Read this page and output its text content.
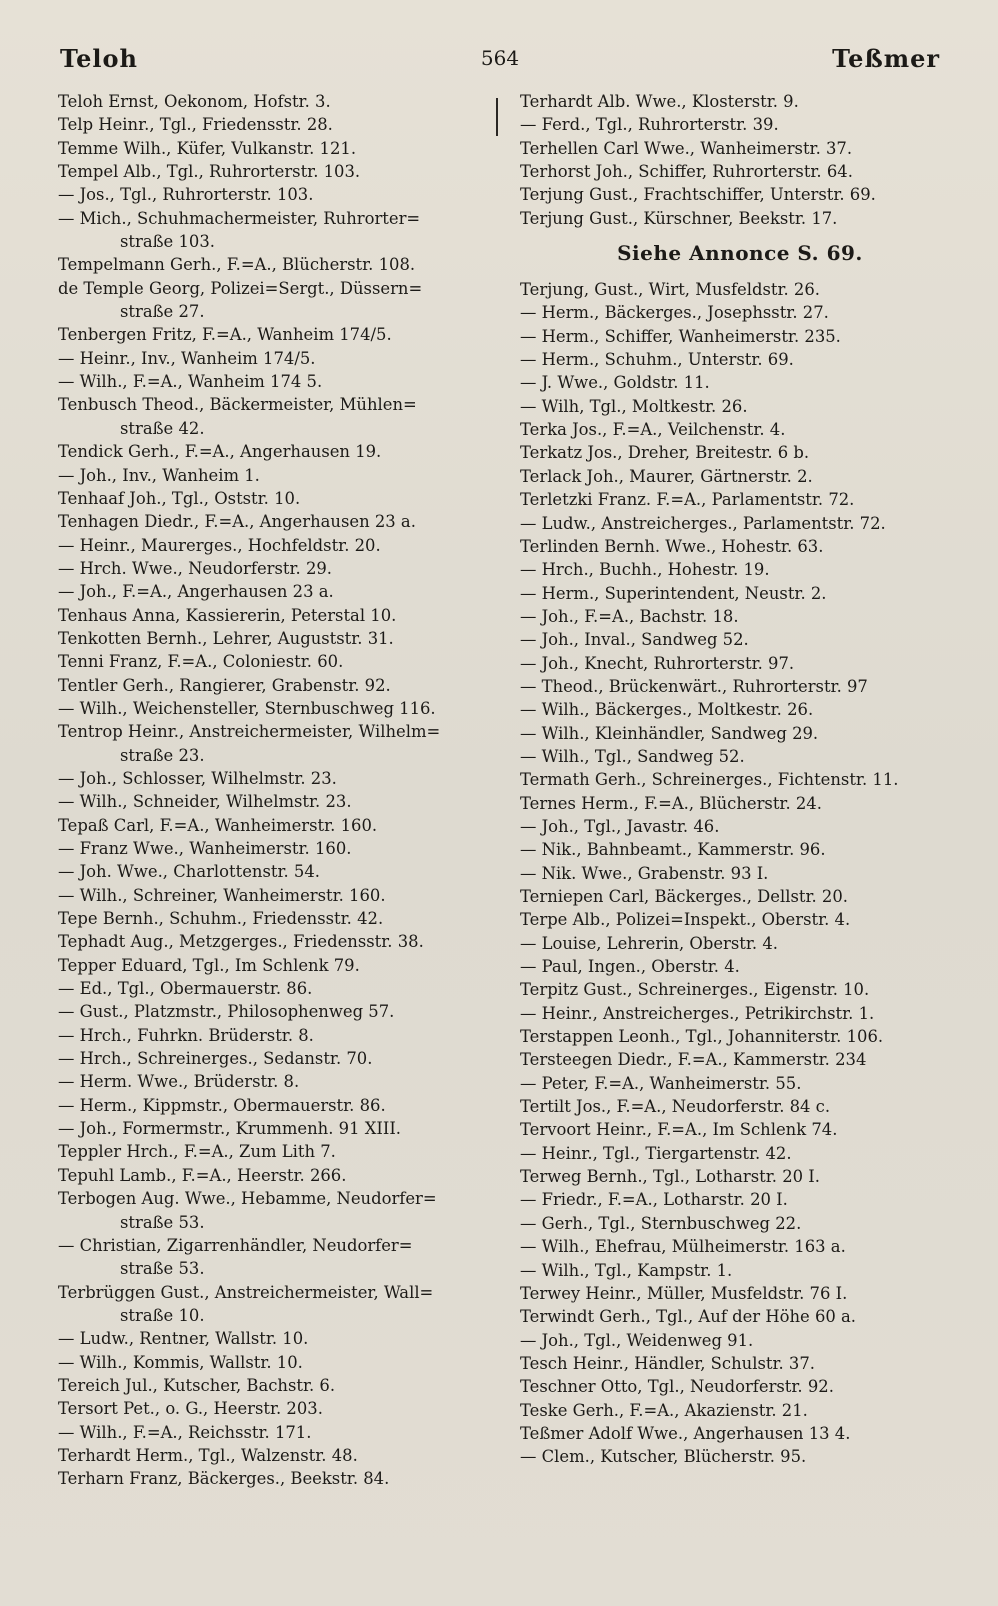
Teloh	564	Teßmer
Teloh Ernst, Oekonom, Hofstr. 3.
Telp Heinr., Tgl., Friedensstr. 28.
Temme Wilh., Küfer, Vulkanstr. 121.
Tempel Alb., Tgl., Ruhrorterstr. 103.
— Jos., Tgl., Ruhrorterstr. 103.
— Mich., Schuhmachermeister, Ruhrorter=
straße 103.
Tempelmann Gerh., F.=A., Blücherstr. 108.
de Temple Georg, Polizei=Sergt., Düssern=
straße 27.
Tenbergen Fritz, F.=A., Wanheim 174/5.
— Heinr., Inv., Wanheim 174/5.
— Wilh., F.=A., Wanheim 174 5.
Tenbusch Theod., Bäckermeister, Mühlen=
straße 42.
Tendick Gerh., F.=A., Angerhausen 19.
— Joh., Inv., Wanheim 1.
Tenhaaf Joh., Tgl., Oststr. 10.
Tenhagen Diedr., F.=A., Angerhausen 23 a.
— Heinr., Maurerges., Hochfeldstr. 20.
— Hrch. Wwe., Neudorferstr. 29.
— Joh., F.=A., Angerhausen 23 a.
Tenhaus Anna, Kassiererin, Peterstal 10.
Tenkotten Bernh., Lehrer, Auguststr. 31.
Tenni Franz, F.=A., Coloniestr. 60.
Tentler Gerh., Rangierer, Grabenstr. 92.
— Wilh., Weichensteller, Sternbuschweg 116.
Tentrop Heinr., Anstreichermeister, Wilhelm=
straße 23.
— Joh., Schlosser, Wilhelmstr. 23.
— Wilh., Schneider, Wilhelmstr. 23.
Tepaß Carl, F.=A., Wanheimerstr. 160.
— Franz Wwe., Wanheimerstr. 160.
— Joh. Wwe., Charlottenstr. 54.
— Wilh., Schreiner, Wanheimerstr. 160.
Tepe Bernh., Schuhm., Friedensstr. 42.
Tephadt Aug., Metzgerges., Friedensstr. 38.
Tepper Eduard, Tgl., Im Schlenk 79.
— Ed., Tgl., Obermauerstr. 86.
— Gust., Platzmstr., Philosophenweg 57.
— Hrch., Fuhrkn. Brüderstr. 8.
— Hrch., Schreinerges., Sedanstr. 70.
— Herm. Wwe., Brüderstr. 8.
— Herm., Kippmstr., Obermauerstr. 86.
— Joh., Formermstr., Krummenh. 91 XIII.
Teppler Hrch., F.=A., Zum Lith 7.
Tepuhl Lamb., F.=A., Heerstr. 266.
Terbogen Aug. Wwe., Hebamme, Neudorfer=
straße 53.
— Christian, Zigarrenhändler, Neudorfer=
straße 53.
Terbrüggen Gust., Anstreichermeister, Wall=
straße 10.
— Ludw., Rentner, Wallstr. 10.
— Wilh., Kommis, Wallstr. 10.
Tereich Jul., Kutscher, Bachstr. 6.
Tersort Pet., o. G., Heerstr. 203.
— Wilh., F.=A., Reichsstr. 171.
Terhardt Herm., Tgl., Walzenstr. 48.
Terharn Franz, Bäckerges., Beekstr. 84.
Terhardt Alb. Wwe., Klosterstr. 9.
— Ferd., Tgl., Ruhrorterstr. 39.
Terhellen Carl Wwe., Wanheimerstr. 37.
Terhorst Joh., Schiffer, Ruhrorterstr. 64.
Terjung Gust., Frachtschiffer, Unterstr. 69.
Terjung Gust., Kürschner, Beekstr. 17.
Siehe Annonce S. 69.
Terjung, Gust., Wirt, Musfeldstr. 26.
— Herm., Bäckerges., Josephsstr. 27.
— Herm., Schiffer, Wanheimerstr. 235.
— Herm., Schuhm., Unterstr. 69.
— J. Wwe., Goldstr. 11.
— Wilh, Tgl., Moltkestr. 26.
Terka Jos., F.=A., Veilchenstr. 4.
Terkatz Jos., Dreher, Breitestr. 6 b.
Terlack Joh., Maurer, Gärtnerstr. 2.
Terletzki Franz. F.=A., Parlamentstr. 72.
— Ludw., Anstreicherges., Parlamentstr. 72.
Terlinden Bernh. Wwe., Hohestr. 63.
— Hrch., Buchh., Hohestr. 19.
— Herm., Superintendent, Neustr. 2.
— Joh., F.=A., Bachstr. 18.
— Joh., Inval., Sandweg 52.
— Joh., Knecht, Ruhrorterstr. 97.
— Theod., Brückenwärt., Ruhrorterstr. 97
— Wilh., Bäckerges., Moltkestr. 26.
— Wilh., Kleinhändler, Sandweg 29.
— Wilh., Tgl., Sandweg 52.
Termath Gerh., Schreinerges., Fichtenstr. 11.
Ternes Herm., F.=A., Blücherstr. 24.
— Joh., Tgl., Javastr. 46.
— Nik., Bahnbeamt., Kammerstr. 96.
— Nik. Wwe., Grabenstr. 93 I.
Terniepen Carl, Bäckerges., Dellstr. 20.
Terpe Alb., Polizei=Inspekt., Oberstr. 4.
— Louise, Lehrerin, Oberstr. 4.
— Paul, Ingen., Oberstr. 4.
Terpitz Gust., Schreinerges., Eigenstr. 10.
— Heinr., Anstreicherges., Petrikirchstr. 1.
Terstappen Leonh., Tgl., Johanniterstr. 106.
Tersteegen Diedr., F.=A., Kammerstr. 234
— Peter, F.=A., Wanheimerstr. 55.
Tertilt Jos., F.=A., Neudorferstr. 84 c.
Tervoort Heinr., F.=A., Im Schlenk 74.
— Heinr., Tgl., Tiergartenstr. 42.
Terweg Bernh., Tgl., Lotharstr. 20 I.
— Friedr., F.=A., Lotharstr. 20 I.
— Gerh., Tgl., Sternbuschweg 22.
— Wilh., Ehefrau, Mülheimerstr. 163 a.
— Wilh., Tgl., Kampstr. 1.
Terwey Heinr., Müller, Musfeldstr. 76 I.
Terwindt Gerh., Tgl., Auf der Höhe 60 a.
— Joh., Tgl., Weidenweg 91.
Tesch Heinr., Händler, Schulstr. 37.
Teschner Otto, Tgl., Neudorferstr. 92.
Teske Gerh., F.=A., Akazienstr. 21.
Teßmer Adolf Wwe., Angerhausen 13 4.
— Clem., Kutscher, Blücherstr. 95.
